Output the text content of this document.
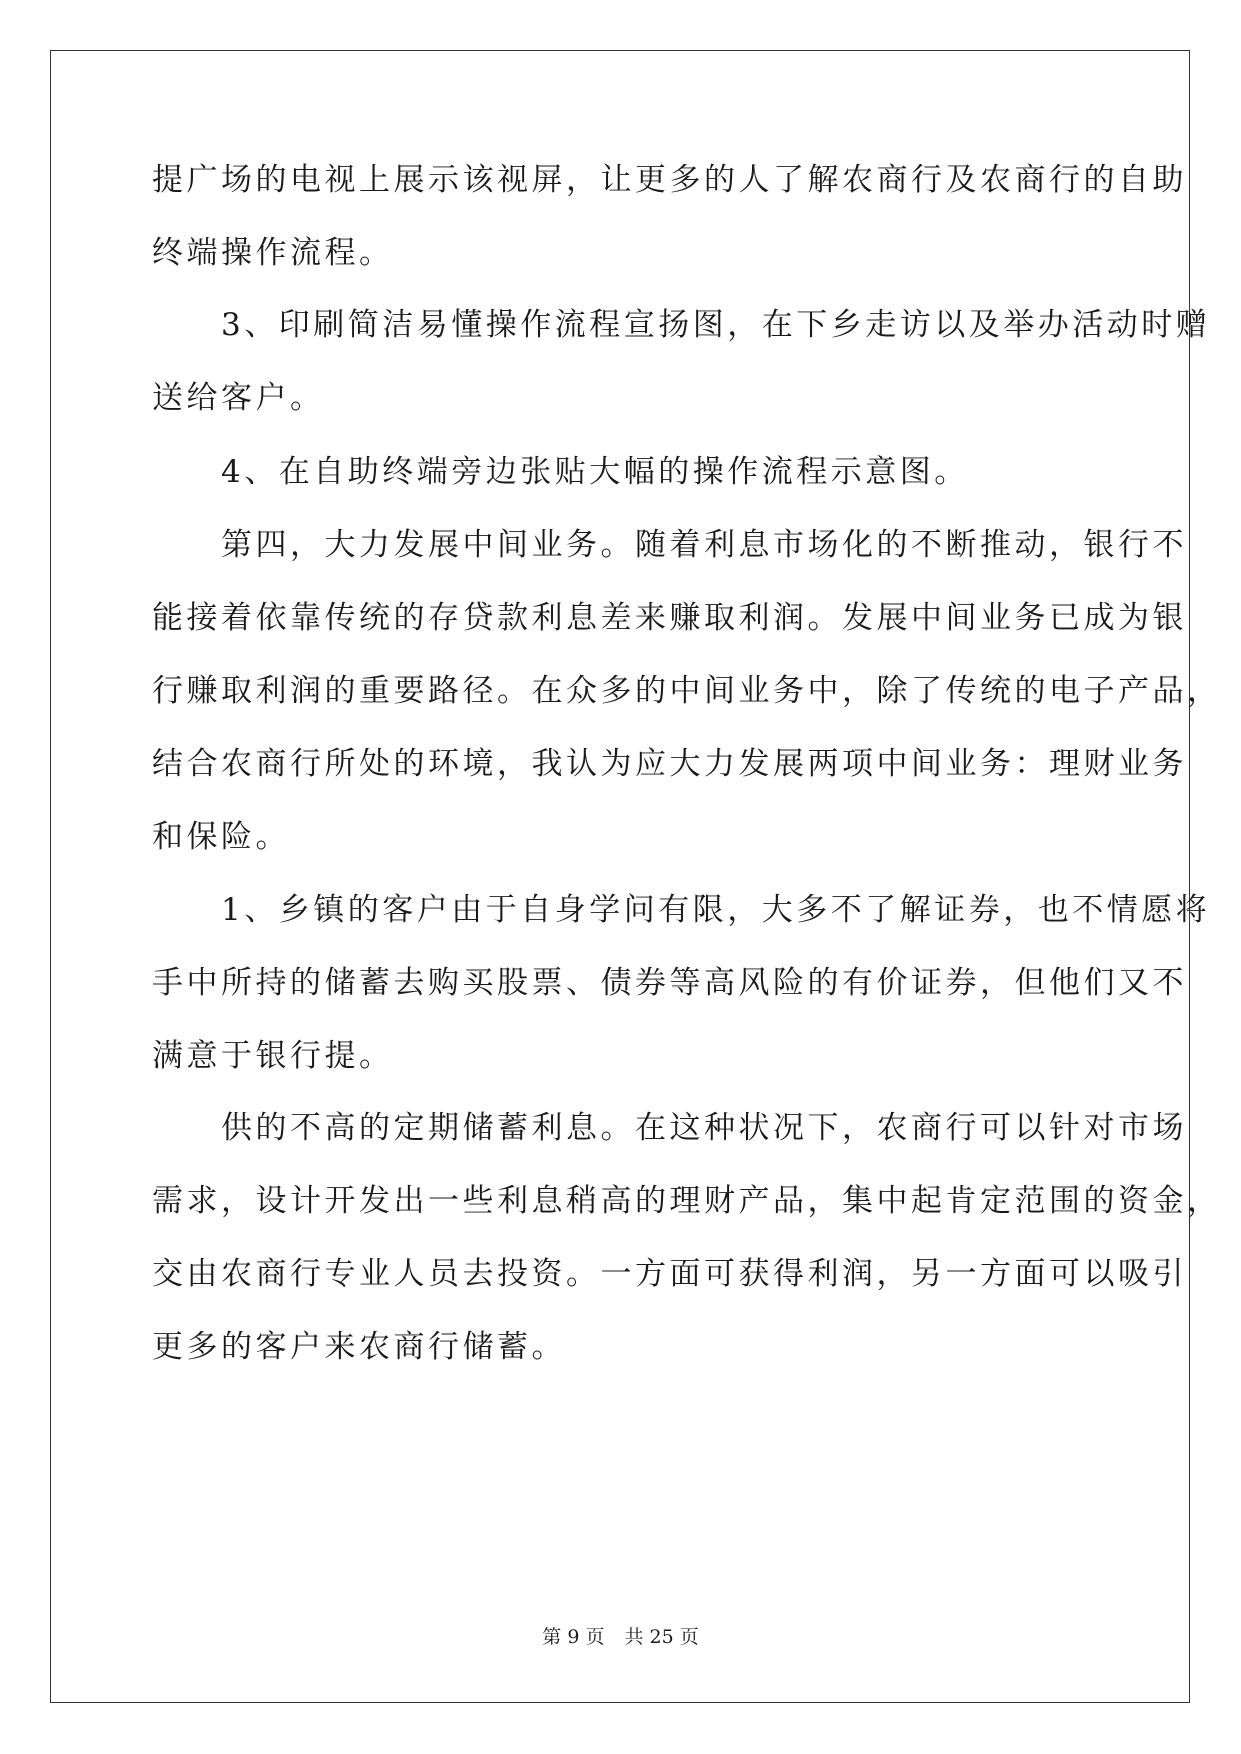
提广场的电视上展示该视屏，让更多的人了解农商行及农商行的自助
终端操作流程。
　　3、印刷简洁易懂操作流程宣扬图，在下乡走访以及举办活动时赠
送给客户。
　　4、在自助终端旁边张贴大幅的操作流程示意图。
　　第四，大力发展中间业务。随着利息市场化的不断推动，银行不
能接着依靠传统的存贷款利息差来赚取利润。发展中间业务已成为银
行赚取利润的重要路径。在众多的中间业务中，除了传统的电子产品，
结合农商行所处的环境，我认为应大力发展两项中间业务：理财业务
和保险。
　　1、乡镇的客户由于自身学问有限，大多不了解证券，也不情愿将
手中所持的储蓄去购买股票、债券等高风险的有价证券，但他们又不
满意于银行提。
　　供的不高的定期储蓄利息。在这种状况下，农商行可以针对市场
需求，设计开发出一些利息稍高的理财产品，集中起肯定范围的资金，
交由农商行专业人员去投资。一方面可获得利润，另一方面可以吸引
更多的客户来农商行储蓄。
第 9 页 共 25 页
